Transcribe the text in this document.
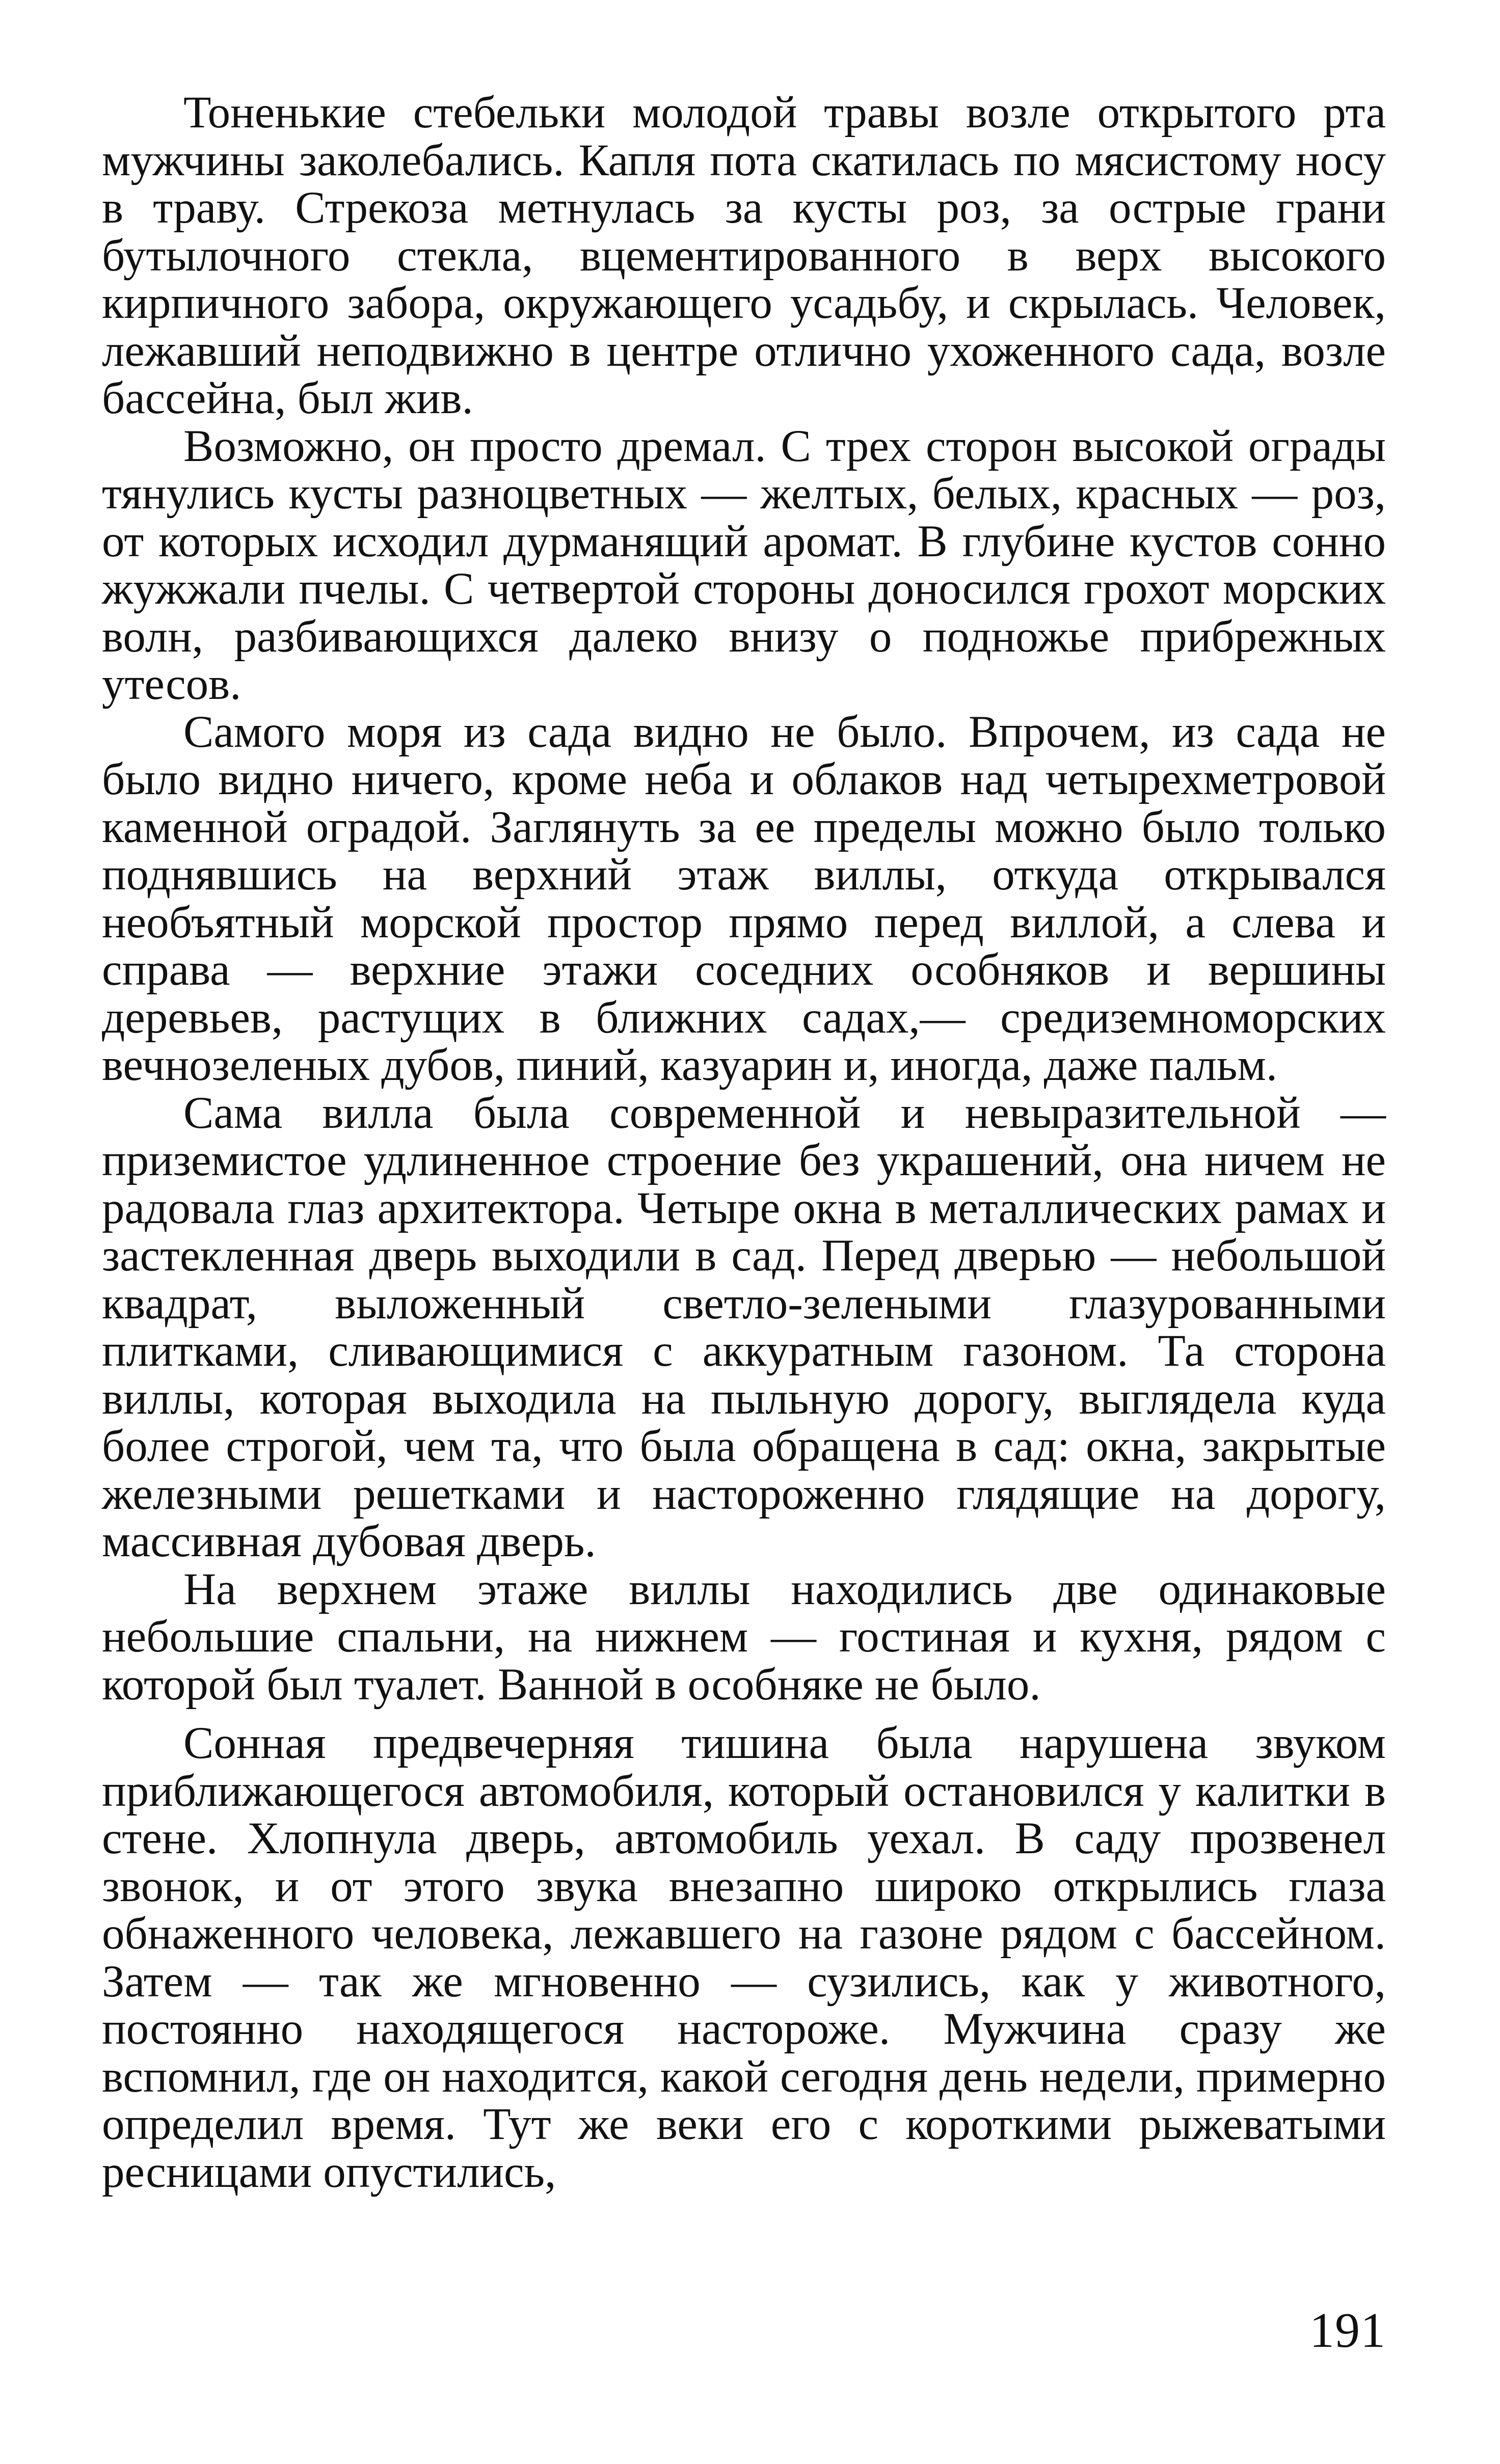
Тоненькие стебельки молодой травы возле открытого рта мужчины заколебались. Капля пота скатилась по мясистому носу в траву. Стрекоза метнулась за кусты роз, за острые грани бутылочного стекла, вцементированного в верх высокого кирпичного забора, окружающего усадьбу, и скрылась. Человек, лежавший неподвижно в центре отлично ухоженного сада, возле бассейна, был жив.

Возможно, он просто дремал. С трех сторон высокой ограды тянулись кусты разноцветных — желтых, белых, красных — роз, от которых исходил дурманящий аромат. В глубине кустов сонно жужжали пчелы. С четвертой стороны доносился грохот морских волн, разбивающихся далеко внизу о подножье прибрежных утесов.

Самого моря из сада видно не было. Впрочем, из сада не было видно ничего, кроме неба и облаков над четырехметровой каменной оградой. Заглянуть за ее пределы можно было только поднявшись на верхний этаж виллы, откуда открывался необъятный морской простор прямо перед виллой, а слева и справа — верхние этажи соседних особняков и вершины деревьев, растущих в ближних садах,— средиземноморских вечнозеленых дубов, пиний, казуарин и, иногда, даже пальм.

Сама вилла была современной и невыразительной — приземистое удлиненное строение без украшений, она ничем не радовала глаз архитектора. Четыре окна в металлических рамах и застекленная дверь выходили в сад. Перед дверью — небольшой квадрат, выложенный светло-зелеными глазурованными плитками, сливающимися с аккуратным газоном. Та сторона виллы, которая выходила на пыльную дорогу, выглядела куда более строгой, чем та, что была обращена в сад: окна, закрытые железными решетками и настороженно глядящие на дорогу, массивная дубовая дверь.

На верхнем этаже виллы находились две одинаковые небольшие спальни, на нижнем — гостиная и кухня, рядом с которой был туалет. Ванной в особняке не было.

Сонная предвечерняя тишина была нарушена звуком приближающегося автомобиля, который остановился у калитки в стене. Хлопнула дверь, автомобиль уехал. В саду прозвенел звонок, и от этого звука внезапно широко открылись глаза обнаженного человека, лежавшего на газоне рядом с бассейном. Затем — так же мгновенно — сузились, как у животного, постоянно находящегося настороже. Мужчина сразу же вспомнил, где он находится, какой сегодня день недели, примерно определил время. Тут же веки его с короткими рыжеватыми ресницами опустились,

191
